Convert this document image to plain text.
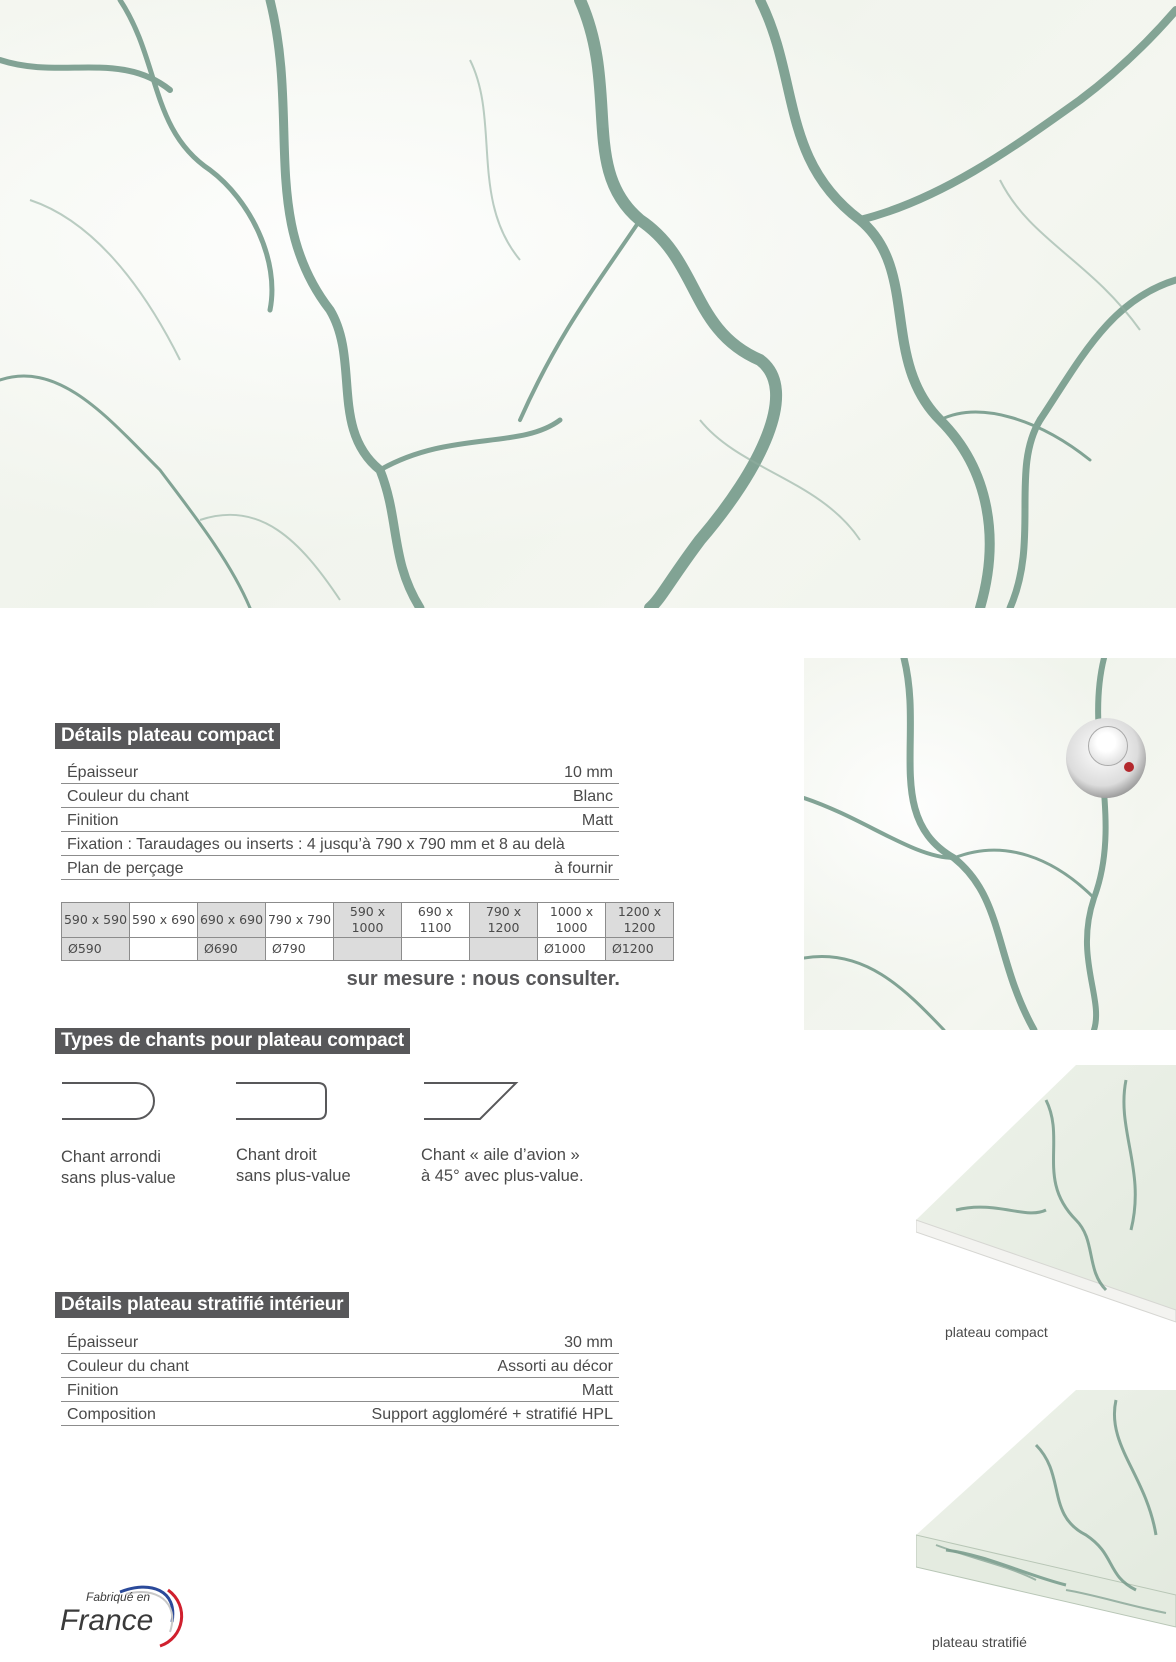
Détails plateau compact
Épaisseur	10 mm
Couleur du chant	Blanc
Finition	Matt
Fixation : Taraudages ou inserts : 4 jusqu’à 790 x 790 mm et 8 au delà
Plan de perçage	à fournir
590 x 590	590 x 690	690 x 690	790 x 790	590 x 1000	690 x 1100	790 x 1200	1000 x 1000	1200 x 1200
Ø590		Ø690	Ø790				Ø1000	Ø1200
sur mesure : nous consulter.
Types de chants pour plateau compact
Chant arrondi
sans plus-value
Chant droit
sans plus-value
Chant « aile d’avion »
à 45° avec plus-value.
Détails plateau stratifié intérieur
Épaisseur	30 mm
Couleur du chant	Assorti au décor
Finition	Matt
Composition	Support aggloméré + stratifié HPL
plateau compact
plateau stratifié
Fabriqué en
France
